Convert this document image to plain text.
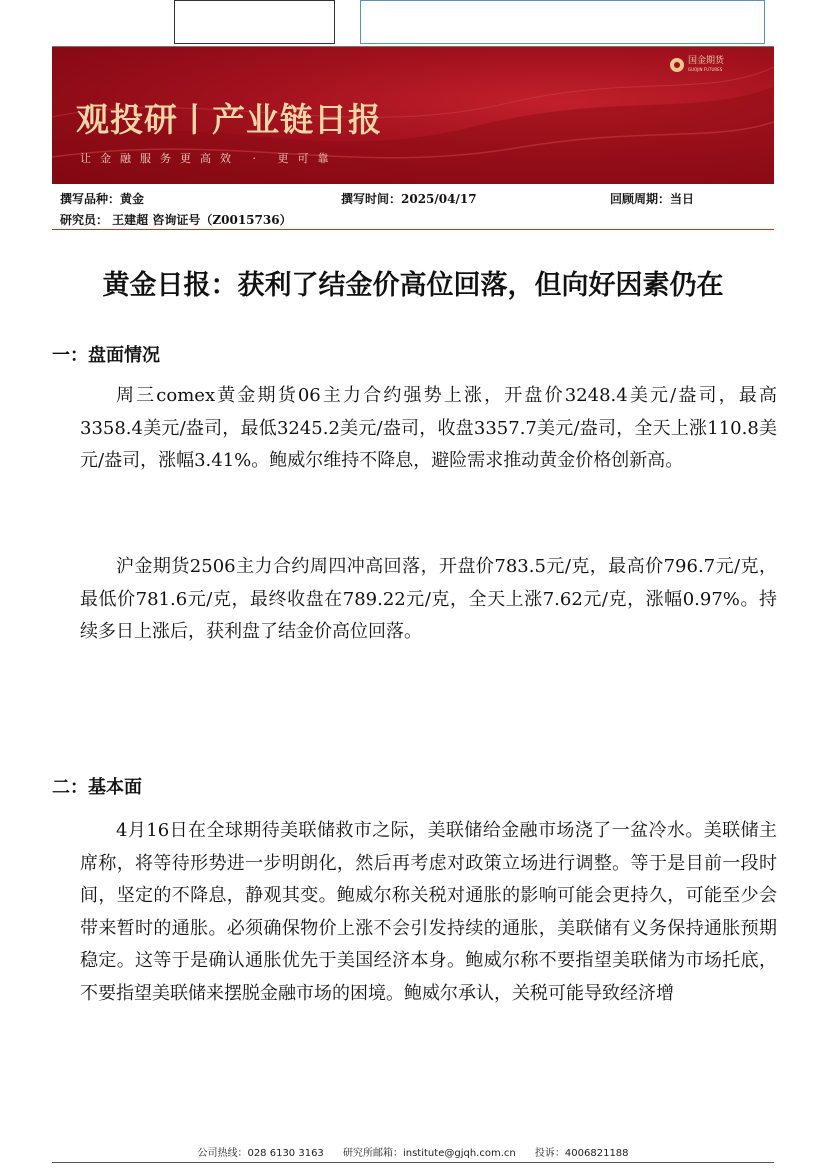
国金期货
GUOJIN FUTURES
观投研丨产业链日报
让金融服务更高效 · 更可靠
撰写品种：黄金	撰写时间：2025/04/17	回顾周期：当日
研究员： 王建超 咨询证号（Z0015736）
黄金日报：获利了结金价高位回落，但向好因素仍在
一：盘面情况

周三comex黄金期货06主力合约强势上涨，开盘价3248.4美元/盎司，最高3358.4美元/盎司，最低3245.2美元/盎司，收盘3357.7美元/盎司，全天上涨110.8美元/盎司，涨幅3.41%。鲍威尔维持不降息，避险需求推动黄金价格创新高。

沪金期货2506主力合约周四冲高回落，开盘价783.5元/克，最高价796.7元/克，最低价781.6元/克，最终收盘在789.22元/克，全天上涨7.62元/克，涨幅0.97%。持续多日上涨后，获利盘了结金价高位回落。

二：基本面

4月16日在全球期待美联储救市之际，美联储给金融市场浇了一盆冷水。美联储主席称，将等待形势进一步明朗化，然后再考虑对政策立场进行调整。等于是目前一段时间，坚定的不降息，静观其变。鲍威尔称关税对通胀的影响可能会更持久，可能至少会带来暂时的通胀。必须确保物价上涨不会引发持续的通胀，美联储有义务保持通胀预期稳定。这等于是确认通胀优先于美国经济本身。鲍威尔称不要指望美联储为市场托底，不要指望美联储来摆脱金融市场的困境。鲍威尔承认，关税可能导致经济增

公司热线：028 6130 3163 研究所邮箱：institute@gjqh.com.cn 投诉：4006821188
